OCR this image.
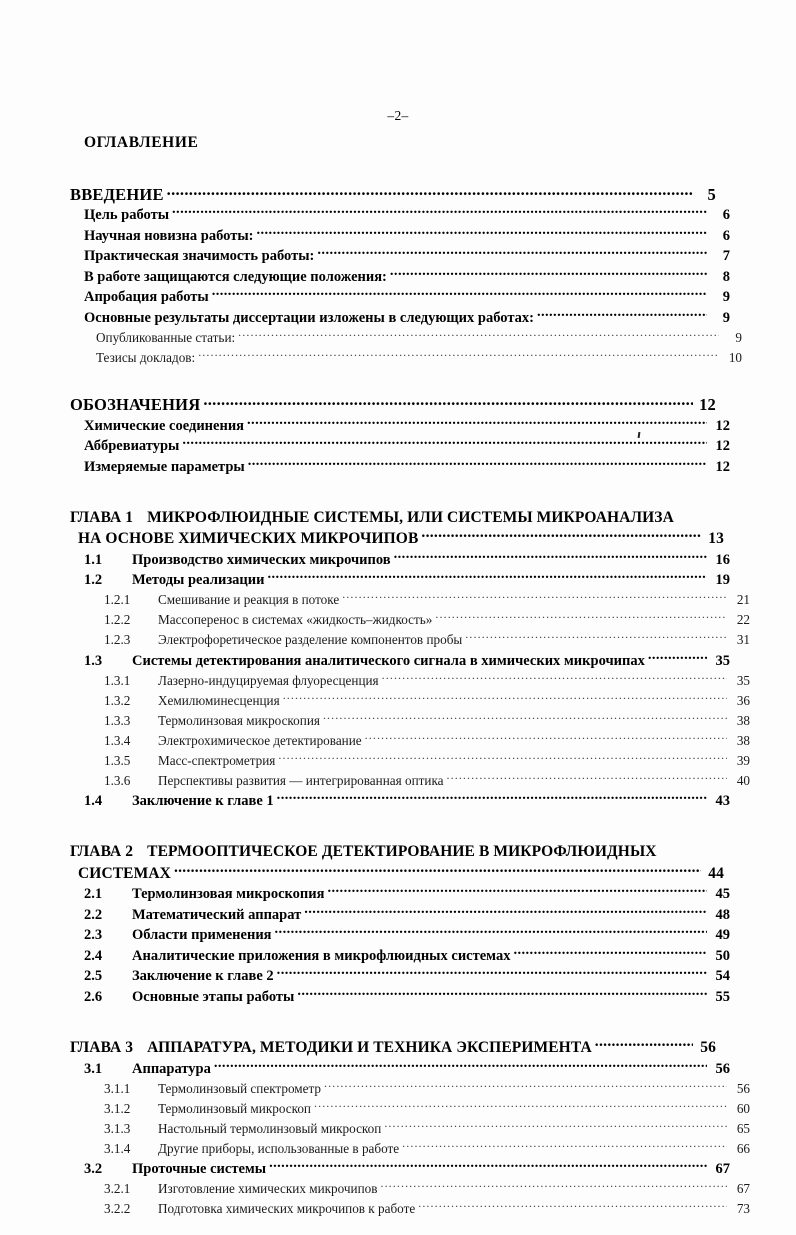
–2–
ОГЛАВЛЕНИЕ
ВВЕДЕНИЕ .....	5
Цель работы .....	6
Научная новизна работы: .....	6
Практическая значимость работы: .....	7
В работе защищаются следующие положения: .....	8
Апробация работы .....	9
Основные результаты диссертации изложены в следующих работах: .....	9
Опубликованные статьи: .....	9
Тезисы докладов: .....	10
ОБОЗНАЧЕНИЯ .....	12
Химические соединения .....	12
Аббревиатуры .....	12
Измеряемые параметры .....	12
ГЛАВА 1 МИКРОФЛЮИДНЫЕ СИСТЕМЫ, ИЛИ СИСТЕМЫ МИКРОАНАЛИЗА
НА ОСНОВЕ ХИМИЧЕСКИХ МИКРОЧИПОВ .....	13
1.1	Производство химических микрочипов .....	16
1.2	Методы реализации .....	19
1.2.1	Смешивание и реакция в потоке .....	21
1.2.2	Массоперенос в системах «жидкость–жидкость» .....	22
1.2.3	Электрофоретическое разделение компонентов пробы .....	31
1.3	Системы детектирования аналитического сигнала в химических микрочипах .....	35
1.3.1	Лазерно-индуцируемая флуоресценция .....	35
1.3.2	Хемилюминесценция .....	36
1.3.3	Термолинзовая микроскопия .....	38
1.3.4	Электрохимическое детектирование .....	38
1.3.5	Масс-спектрометрия .....	39
1.3.6	Перспективы развития — интегрированная оптика .....	40
1.4	Заключение к главе 1 .....	43
ГЛАВА 2 ТЕРМООПТИЧЕСКОЕ ДЕТЕКТИРОВАНИЕ В МИКРОФЛЮИДНЫХ
СИСТЕМАХ .....	44
2.1	Термолинзовая микроскопия .....	45
2.2	Математический аппарат .....	48
2.3	Области применения .....	49
2.4	Аналитические приложения в микрофлюидных системах .....	50
2.5	Заключение к главе 2 .....	54
2.6	Основные этапы работы .....	55
ГЛАВА 3 АППАРАТУРА, МЕТОДИКИ И ТЕХНИКА ЭКСПЕРИМЕНТА .....	56
3.1	Аппаратура .....	56
3.1.1	Термолинзовый спектрометр .....	56
3.1.2	Термолинзовый микроскоп .....	60
3.1.3	Настольный термолинзовый микроскоп .....	65
3.1.4	Другие приборы, использованные в работе .....	66
3.2	Проточные системы .....	67
3.2.1	Изготовление химических микрочипов .....	67
3.2.2	Подготовка химических микрочипов к работе .....	73
